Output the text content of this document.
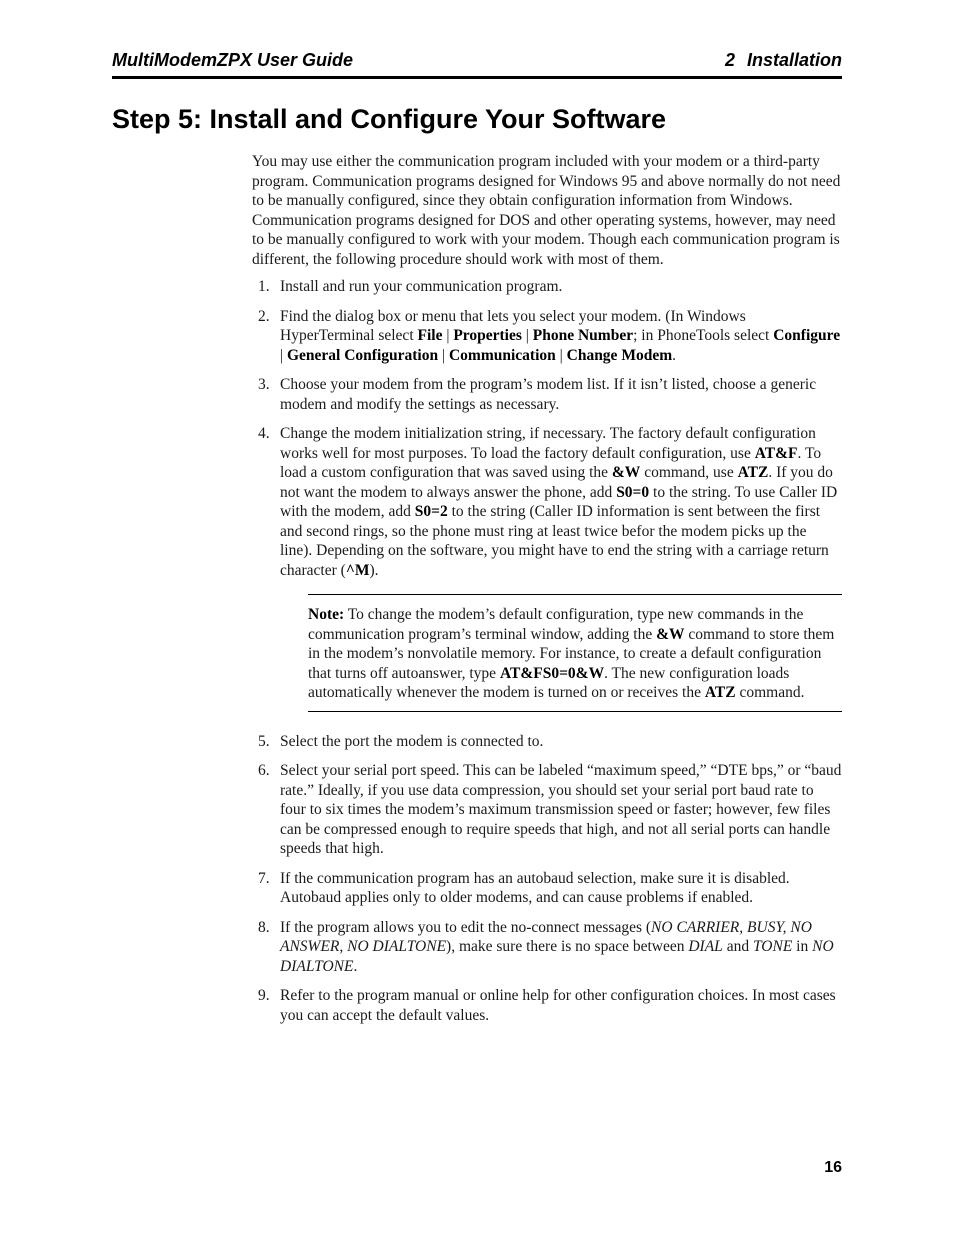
MultiModemZPX User Guide	2 Installation
Step 5: Install and Configure Your Software

You may use either the communication program included with your modem or a third-party program. Communication programs designed for Windows 95 and above normally do not need to be manually configured, since they obtain configuration information from Windows. Communication programs designed for DOS and other operating systems, however, may need to be manually configured to work with your modem. Though each communication program is different, the following procedure should work with most of them.

1. Install and run your communication program.
2. Find the dialog box or menu that lets you select your modem. (In Windows HyperTerminal select File | Properties | Phone Number; in PhoneTools select Configure | General Configuration | Communication | Change Modem.
3. Choose your modem from the program’s modem list. If it isn’t listed, choose a generic modem and modify the settings as necessary.
4. Change the modem initialization string, if necessary. The factory default configuration works well for most purposes. To load the factory default configuration, use AT&F. To load a custom configuration that was saved using the &W command, use ATZ. If you do not want the modem to always answer the phone, add S0=0 to the string. To use Caller ID with the modem, add S0=2 to the string (Caller ID information is sent between the first and second rings, so the phone must ring at least twice befor the modem picks up the line). Depending on the software, you might have to end the string with a carriage return character (^M).

Note: To change the modem’s default configuration, type new commands in the communication program’s terminal window, adding the &W command to store them in the modem’s nonvolatile memory. For instance, to create a default configuration that turns off autoanswer, type AT&FS0=0&W. The new configuration loads automatically whenever the modem is turned on or receives the ATZ command.

5. Select the port the modem is connected to.
6. Select your serial port speed. This can be labeled “maximum speed,” “DTE bps,” or “baud rate.” Ideally, if you use data compression, you should set your serial port baud rate to four to six times the modem’s maximum transmission speed or faster; however, few files can be compressed enough to require speeds that high, and not all serial ports can handle speeds that high.
7. If the communication program has an autobaud selection, make sure it is disabled. Autobaud applies only to older modems, and can cause problems if enabled.
8. If the program allows you to edit the no-connect messages (NO CARRIER, BUSY, NO ANSWER, NO DIALTONE), make sure there is no space between DIAL and TONE in NO DIALTONE.
9. Refer to the program manual or online help for other configuration choices. In most cases you can accept the default values.
16
